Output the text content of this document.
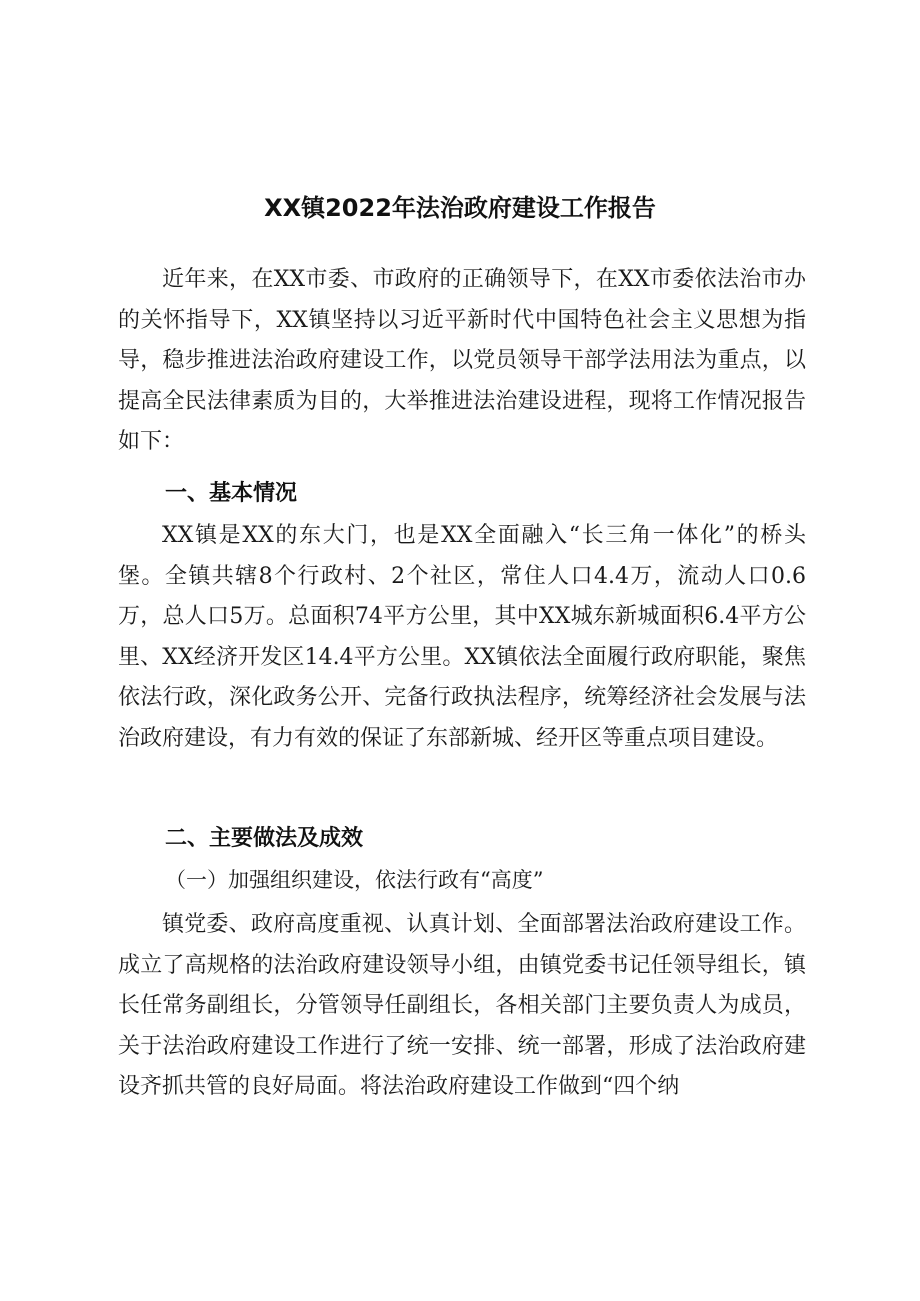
XX镇2022年法治政府建设工作报告

近年来，在XX市委、市政府的正确领导下，在XX市委依法治市办的关怀指导下，XX镇坚持以习近平新时代中国特色社会主义思想为指导，稳步推进法治政府建设工作，以党员领导干部学法用法为重点，以提高全民法律素质为目的，大举推进法治建设进程，现将工作情况报告如下：

一、基本情况

XX镇是XX的东大门，也是XX全面融入“长三角一体化”的桥头堡。全镇共辖8个行政村、2个社区，常住人口4.4万，流动人口0.6万，总人口5万。总面积74平方公里，其中XX城东新城面积6.4平方公里、XX经济开发区14.4平方公里。XX镇依法全面履行政府职能，聚焦依法行政，深化政务公开、完备行政执法程序，统筹经济社会发展与法治政府建设，有力有效的保证了东部新城、经开区等重点项目建设。

二、主要做法及成效
（一）加强组织建设，依法行政有“高度”

镇党委、政府高度重视、认真计划、全面部署法治政府建设工作。成立了高规格的法治政府建设领导小组，由镇党委书记任领导组长，镇长任常务副组长，分管领导任副组长，各相关部门主要负责人为成员，关于法治政府建设工作进行了统一安排、统一部署，形成了法治政府建设齐抓共管的良好局面。将法治政府建设工作做到“四个纳
